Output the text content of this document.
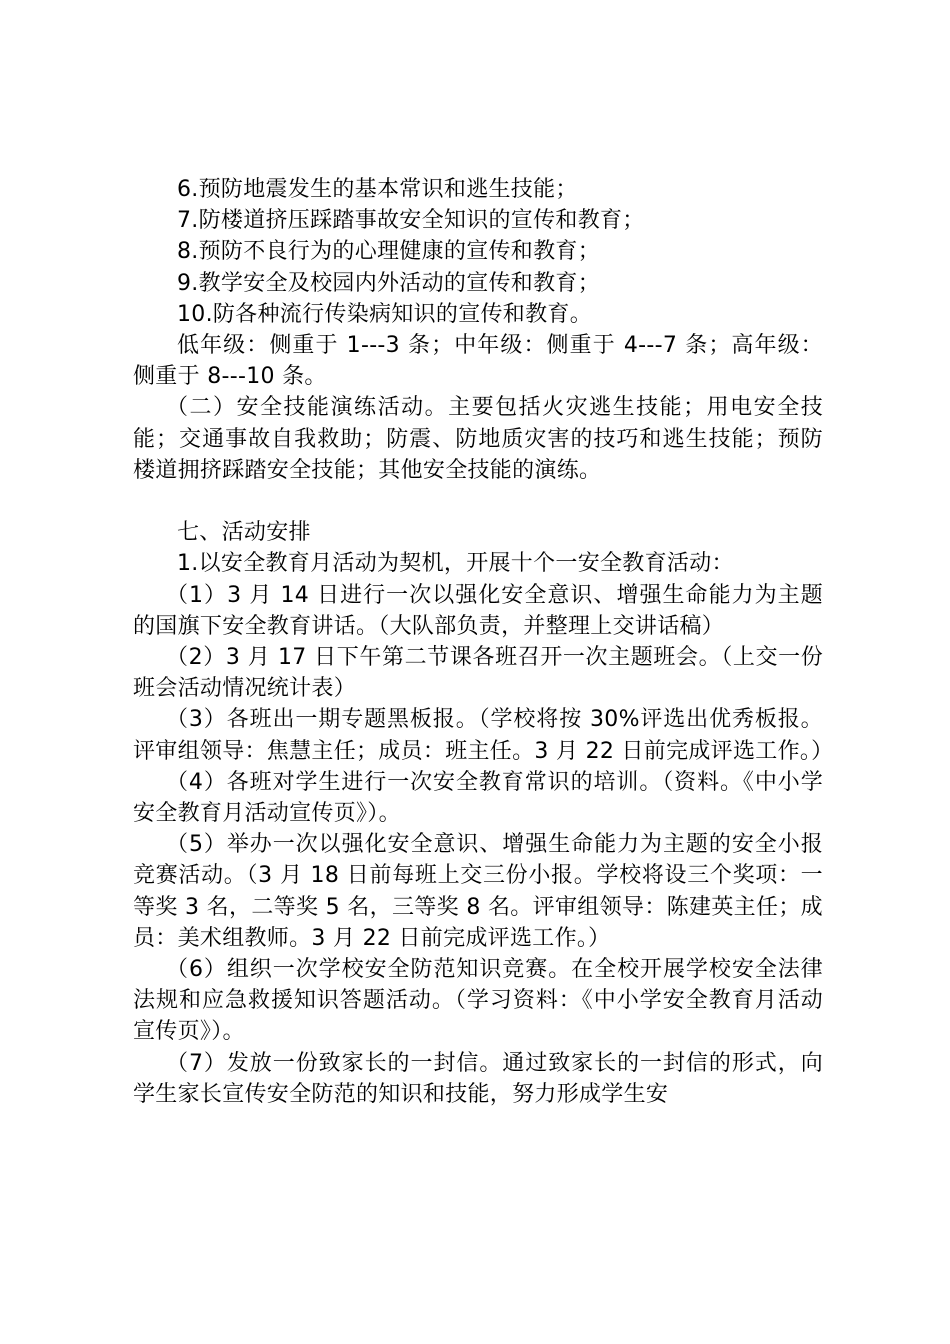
6.预防地震发生的基本常识和逃生技能；

7.防楼道挤压踩踏事故安全知识的宣传和教育；

8.预防不良行为的心理健康的宣传和教育；

9.教学安全及校园内外活动的宣传和教育；

10.防各种流行传染病知识的宣传和教育。

低年级：侧重于 1---3 条；中年级：侧重于 4---7 条；高年级：侧重于 8---10 条。

（二）安全技能演练活动。主要包括火灾逃生技能；用电安全技能；交通事故自我救助；防震、防地质灾害的技巧和逃生技能；预防楼道拥挤踩踏安全技能；其他安全技能的演练。

七、活动安排

1.以安全教育月活动为契机，开展十个一安全教育活动：

（1）3 月 14 日进行一次以强化安全意识、增强生命能力为主题的国旗下安全教育讲话。（大队部负责，并整理上交讲话稿）

（2）3 月 17 日下午第二节课各班召开一次主题班会。（上交一份班会活动情况统计表）

（3）各班出一期专题黑板报。（学校将按 30%评选出优秀板报。评审组领导：焦慧主任；成员：班主任。3 月 22 日前完成评选工作。）

（4）各班对学生进行一次安全教育常识的培训。（资料。《中小学安全教育月活动宣传页》）。

（5）举办一次以强化安全意识、增强生命能力为主题的安全小报竞赛活动。（3 月 18 日前每班上交三份小报。学校将设三个奖项：一等奖 3 名，二等奖 5 名，三等奖 8 名。评审组领导：陈建英主任；成员：美术组教师。3 月 22 日前完成评选工作。）

（6）组织一次学校安全防范知识竞赛。在全校开展学校安全法律法规和应急救援知识答题活动。（学习资料：《中小学安全教育月活动宣传页》）。

（7）发放一份致家长的一封信。通过致家长的一封信的形式，向学生家长宣传安全防范的知识和技能，努力形成学生安
